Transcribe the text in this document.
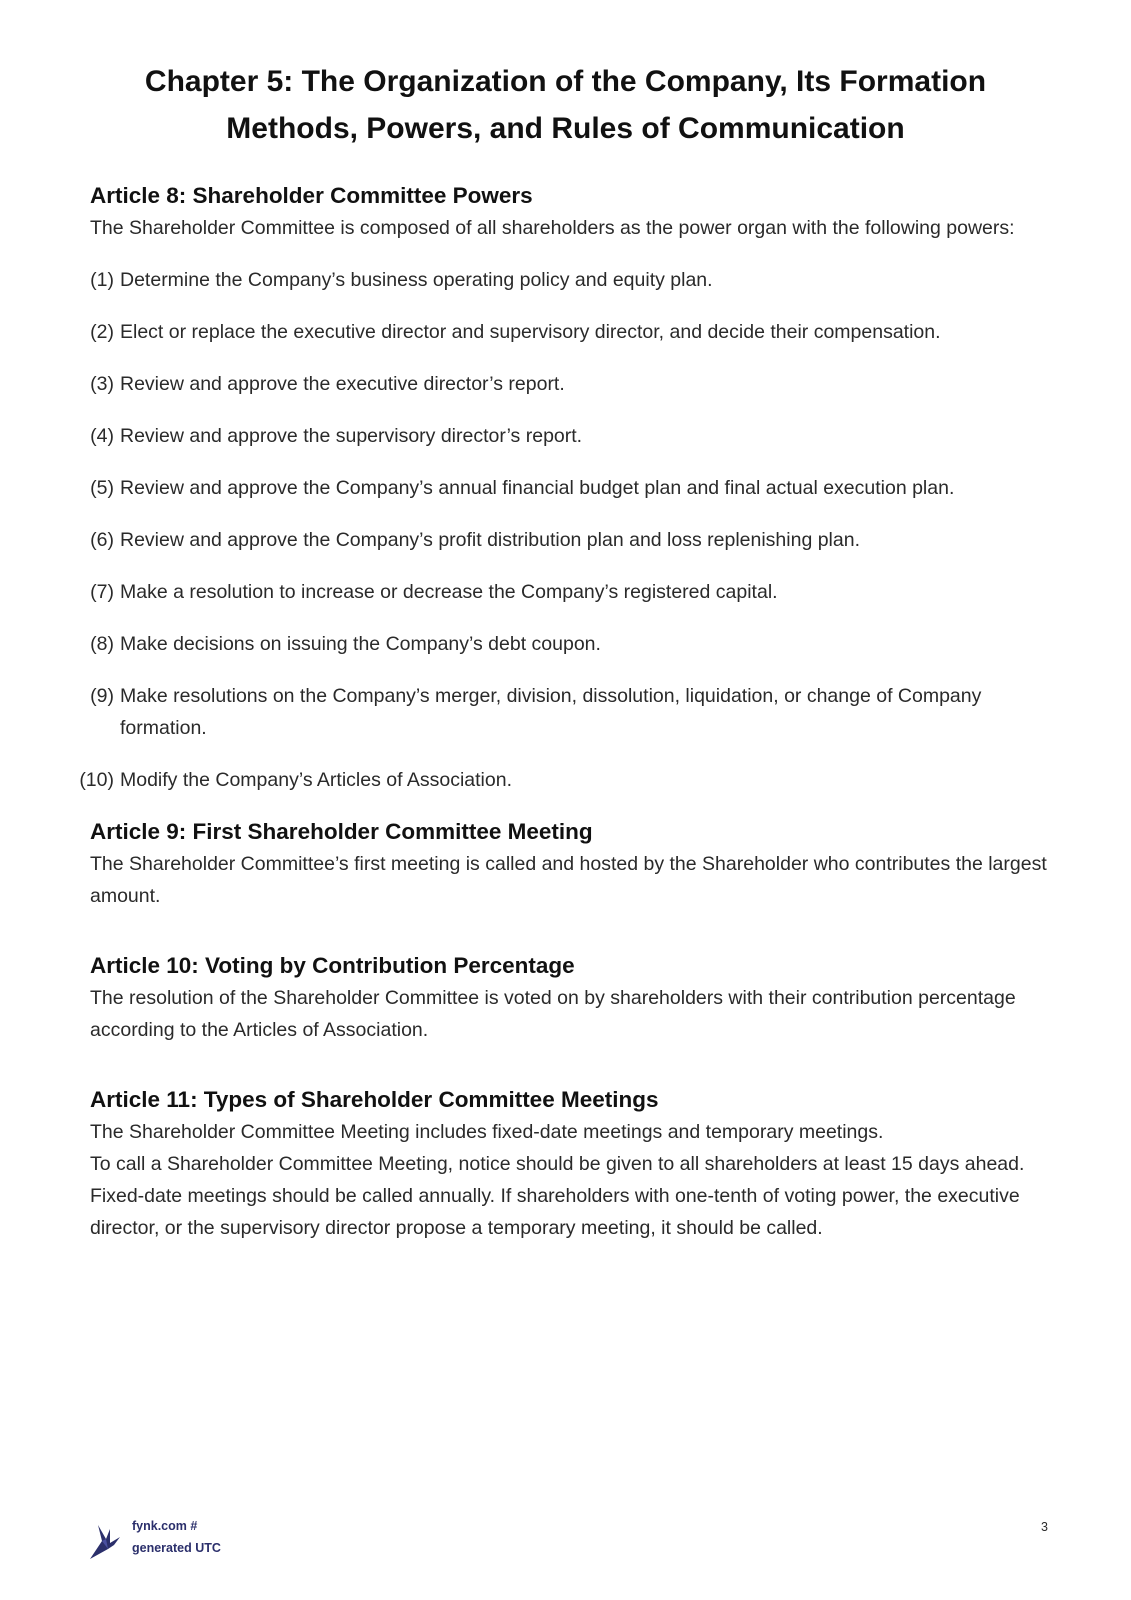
Chapter 5: The Organization of the Company, Its Formation
Methods, Powers, and Rules of Communication
Article 8: Shareholder Committee Powers

The Shareholder Committee is composed of all shareholders as the power organ with the following powers:

(1) Determine the Company’s business operating policy and equity plan.
(2) Elect or replace the executive director and supervisory director, and decide their compensation.
(3) Review and approve the executive director’s report.
(4) Review and approve the supervisory director’s report.
(5) Review and approve the Company’s annual financial budget plan and final actual execution plan.
(6) Review and approve the Company’s profit distribution plan and loss replenishing plan.
(7) Make a resolution to increase or decrease the Company’s registered capital.
(8) Make decisions on issuing the Company’s debt coupon.
(9) Make resolutions on the Company’s merger, division, dissolution, liquidation, or change of Company formation.
(10) Modify the Company’s Articles of Association.
Article 9: First Shareholder Committee Meeting

The Shareholder Committee’s first meeting is called and hosted by the Shareholder who contributes the largest amount.

Article 10: Voting by Contribution Percentage

The resolution of the Shareholder Committee is voted on by shareholders with their contribution percentage according to the Articles of Association.

Article 11: Types of Shareholder Committee Meetings

The Shareholder Committee Meeting includes fixed-date meetings and temporary meetings.

To call a Shareholder Committee Meeting, notice should be given to all shareholders at least 15 days ahead. Fixed-date meetings should be called annually. If shareholders with one-tenth of voting power, the executive director, or the supervisory director propose a temporary meeting, it should be called.

fynk.com #
generated UTC
3
